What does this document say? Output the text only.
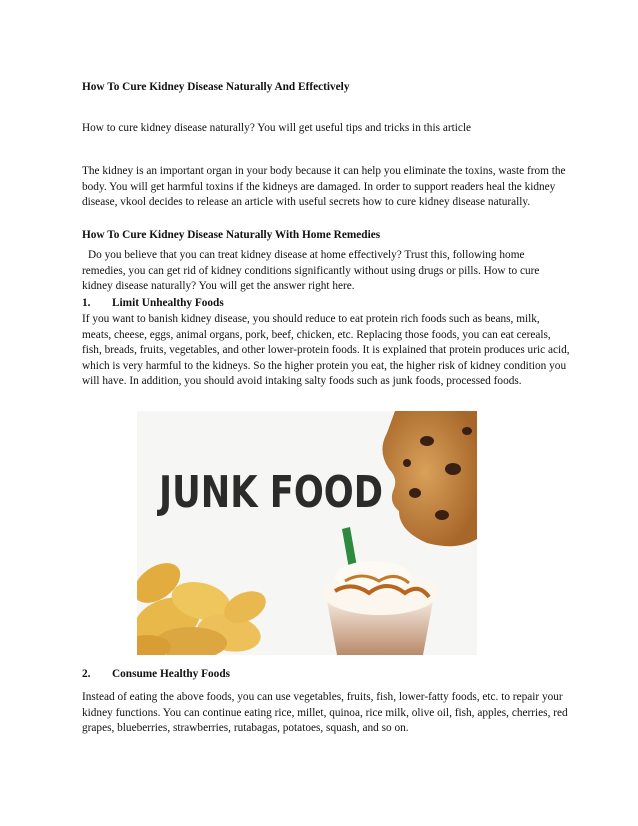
How To Cure Kidney Disease Naturally And Effectively
How to cure kidney disease naturally? You will get useful tips and tricks in this article
The kidney is an important organ in your body because it can help you eliminate the toxins, waste from the body. You will get harmful toxins if the kidneys are damaged. In order to support readers heal the kidney disease, vkool decides to release an article with useful secrets how to cure kidney disease naturally.
How To Cure Kidney Disease Naturally With Home Remedies
Do you believe that you can treat kidney disease at home effectively? Trust this, following home remedies, you can get rid of kidney conditions significantly without using drugs or pills. How to cure kidney disease naturally? You will get the answer right here.
1. Limit Unhealthy Foods
If you want to banish kidney disease, you should reduce to eat protein rich foods such as beans, milk, meats, cheese, eggs, animal organs, pork, beef, chicken, etc. Replacing those foods, you can eat cereals, fish, breads, fruits, vegetables, and other lower-protein foods. It is explained that protein produces uric acid, which is very harmful to the kidneys. So the higher protein you eat, the higher risk of kidney condition you will have. In addition, you should avoid intaking salty foods such as junk foods, processed foods.
JUNK FOOD
2. Consume Healthy Foods
Instead of eating the above foods, you can use vegetables, fruits, fish, lower-fatty foods, etc. to repair your kidney functions. You can continue eating rice, millet, quinoa, rice milk, olive oil, fish, apples, cherries, red grapes, blueberries, strawberries, rutabagas, potatoes, squash, and so on.
